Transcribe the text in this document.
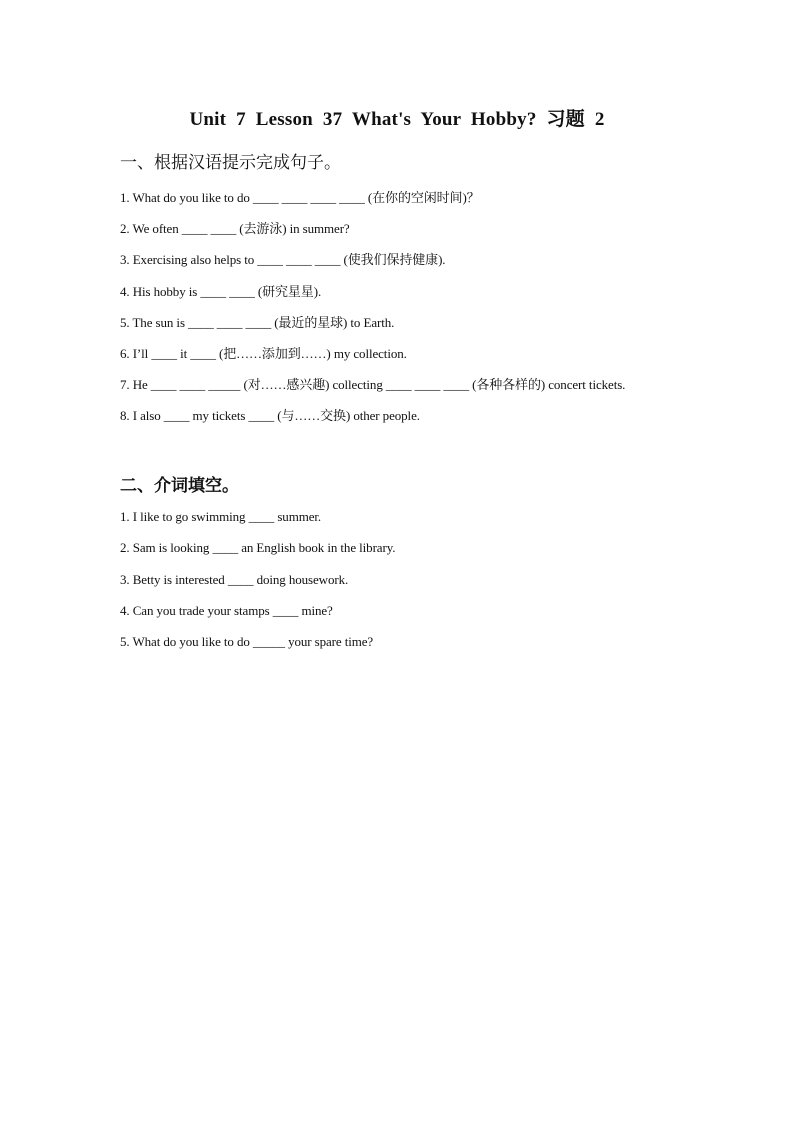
Unit 7 Lesson 37 What's Your Hobby? 习题 2
一、根据汉语提示完成句子。
1. What do you like to do ____ ____ ____ ____ (在你的空闲时间)？
2. We often ____ ____ (去游泳) in summer?
3. Exercising also helps to ____ ____ ____ (使我们保持健康).
4. His hobby is ____ ____ (研究星星).
5. The sun is ____ ____ ____ (最近的星球) to Earth.
6. I’ll ____ it ____ (把……添加到……) my collection.
7. He ____ ____ _____ (对……感兴趣) collecting ____ ____ ____ (各种各样的) concert tickets.
8. I also ____ my tickets ____ (与……交换) other people.
二、介词填空。
1. I like to go swimming ____ summer.
2. Sam is looking ____ an English book in the library.
3. Betty is interested ____ doing housework.
4. Can you trade your stamps ____ mine?
5. What do you like to do _____ your spare time?
